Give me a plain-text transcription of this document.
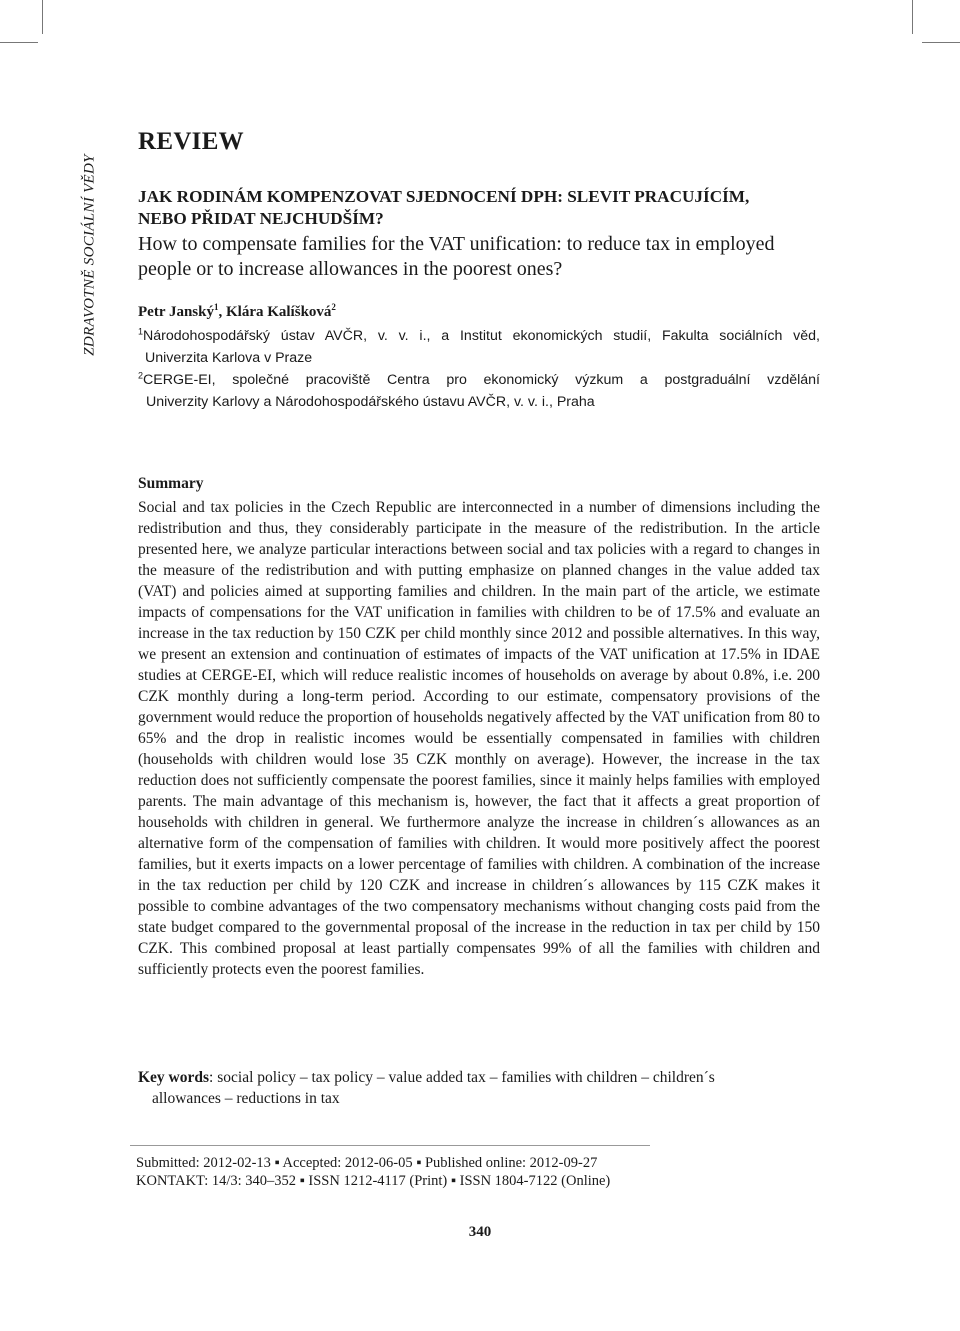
ZDRAVOTNĚ SOCIÁLNÍ VĚDY
REVIEW
JAK RODINÁM KOMPENZOVAT SJEDNOCENÍ DPH: SLEVIT PRACUJÍCÍM,
NEBO PŘIDAT NEJCHUDŠÍM?
How to compensate families for the VAT unification: to reduce tax in employed
people or to increase allowances in the poorest ones?
Petr Janský$^1$, Klára Kalíšková$^2$
$^1$Národohospodářský ústav AVČR, v. v. i., a Institut ekonomických studií, Fakulta sociálních věd,
Univerzita Karlova v Praze
$^2$CERGE-EI, společné pracoviště Centra pro ekonomický výzkum a postgraduální vzdělání
Univerzity Karlovy a Národohospodářského ústavu AVČR, v. v. i., Praha
Summary
Social and tax policies in the Czech Republic are interconnected in a number of dimensions including the redistribution and thus, they considerably participate in the measure of the redistribution. In the article presented here, we analyze particular interactions between social and tax policies with a regard to changes in the measure of the redistribution and with putting emphasize on planned changes in the value added tax (VAT) and policies aimed at supporting families and children. In the main part of the article, we estimate impacts of compensations for the VAT unification in families with children to be of 17.5% and evaluate an increase in the tax reduction by 150 CZK per child monthly since 2012 and possible alternatives. In this way, we present an extension and continuation of estimates of impacts of the VAT unification at 17.5% in IDAE studies at CERGE-EI, which will reduce realistic incomes of households on average by about 0.8%, i.e. 200 CZK monthly during a long-term period. According to our estimate, compensatory provisions of the government would reduce the proportion of households negatively affected by the VAT unification from 80 to 65% and the drop in realistic incomes would be essentially compensated in families with children (households with children would lose 35 CZK monthly on average). However, the increase in the tax reduction does not sufficiently compensate the poorest families, since it mainly helps families with employed parents. The main advantage of this mechanism is, however, the fact that it affects a great proportion of households with children in general. We furthermore analyze the increase in children´s allowances as an alternative form of the compensation of families with children. It would more positively affect the poorest families, but it exerts impacts on a lower percentage of families with children. A combination of the increase in the tax reduction per child by 120 CZK and increase in children´s allowances by 115 CZK makes it possible to combine advantages of the two compensatory mechanisms without changing costs paid from the state budget compared to the governmental proposal of the increase in the reduction in tax per child by 150 CZK. This combined proposal at least partially compensates 99% of all the families with children and sufficiently protects even the poorest families.
Key words: social policy – tax policy – value added tax – families with children – children´s
allowances – reductions in tax
Submitted: 2012-02-13 ▪ Accepted: 2012-06-05 ▪ Published online: 2012-09-27
KONTAKT: 14/3: 340–352 ▪ ISSN 1212-4117 (Print) ▪ ISSN 1804-7122 (Online)
340
